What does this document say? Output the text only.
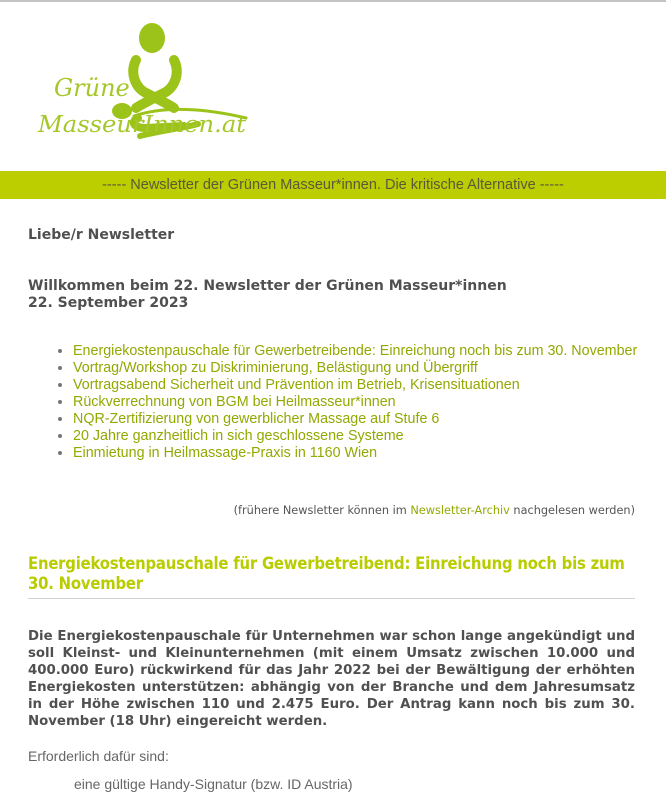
Grüne
MasseurInnen.at
----- Newsletter der Grünen Masseur*innen. Die kritische Alternative -----

Liebe/r Newsletter

Willkommen beim 22. Newsletter der Grünen Masseur*innen
22. September 2023

• Energiekostenpauschale für Gewerbetreibende: Einreichung noch bis zum 30. November
• Vortrag/Workshop zu Diskriminierung, Belästigung und Übergriff
• Vortragsabend Sicherheit und Prävention im Betrieb, Krisensituationen
• Rückverrechnung von BGM bei Heilmasseur*innen
• NQR-Zertifizierung von gewerblicher Massage auf Stufe 6
• 20 Jahre ganzheitlich in sich geschlossene Systeme
• Einmietung in Heilmassage-Praxis in 1160 Wien
(frühere Newsletter können im Newsletter-Archiv nachgelesen werden)
Energiekostenpauschale für Gewerbetreibend: Einreichung noch bis zum 30. November

Die Energiekostenpauschale für Unternehmen war schon lange angekündigt und soll Kleinst- und Kleinunternehmen (mit einem Umsatz zwischen 10.000 und 400.000 Euro) rückwirkend für das Jahr 2022 bei der Bewältigung der erhöhten Energiekosten unterstützen: abhängig von der Branche und dem Jahresumsatz in der Höhe zwischen 110 und 2.475 Euro. Der Antrag kann noch bis zum 30. November (18 Uhr) eingereicht werden.

Erforderlich dafür sind:

eine gültige Handy-Signatur (bzw. ID Austria)
